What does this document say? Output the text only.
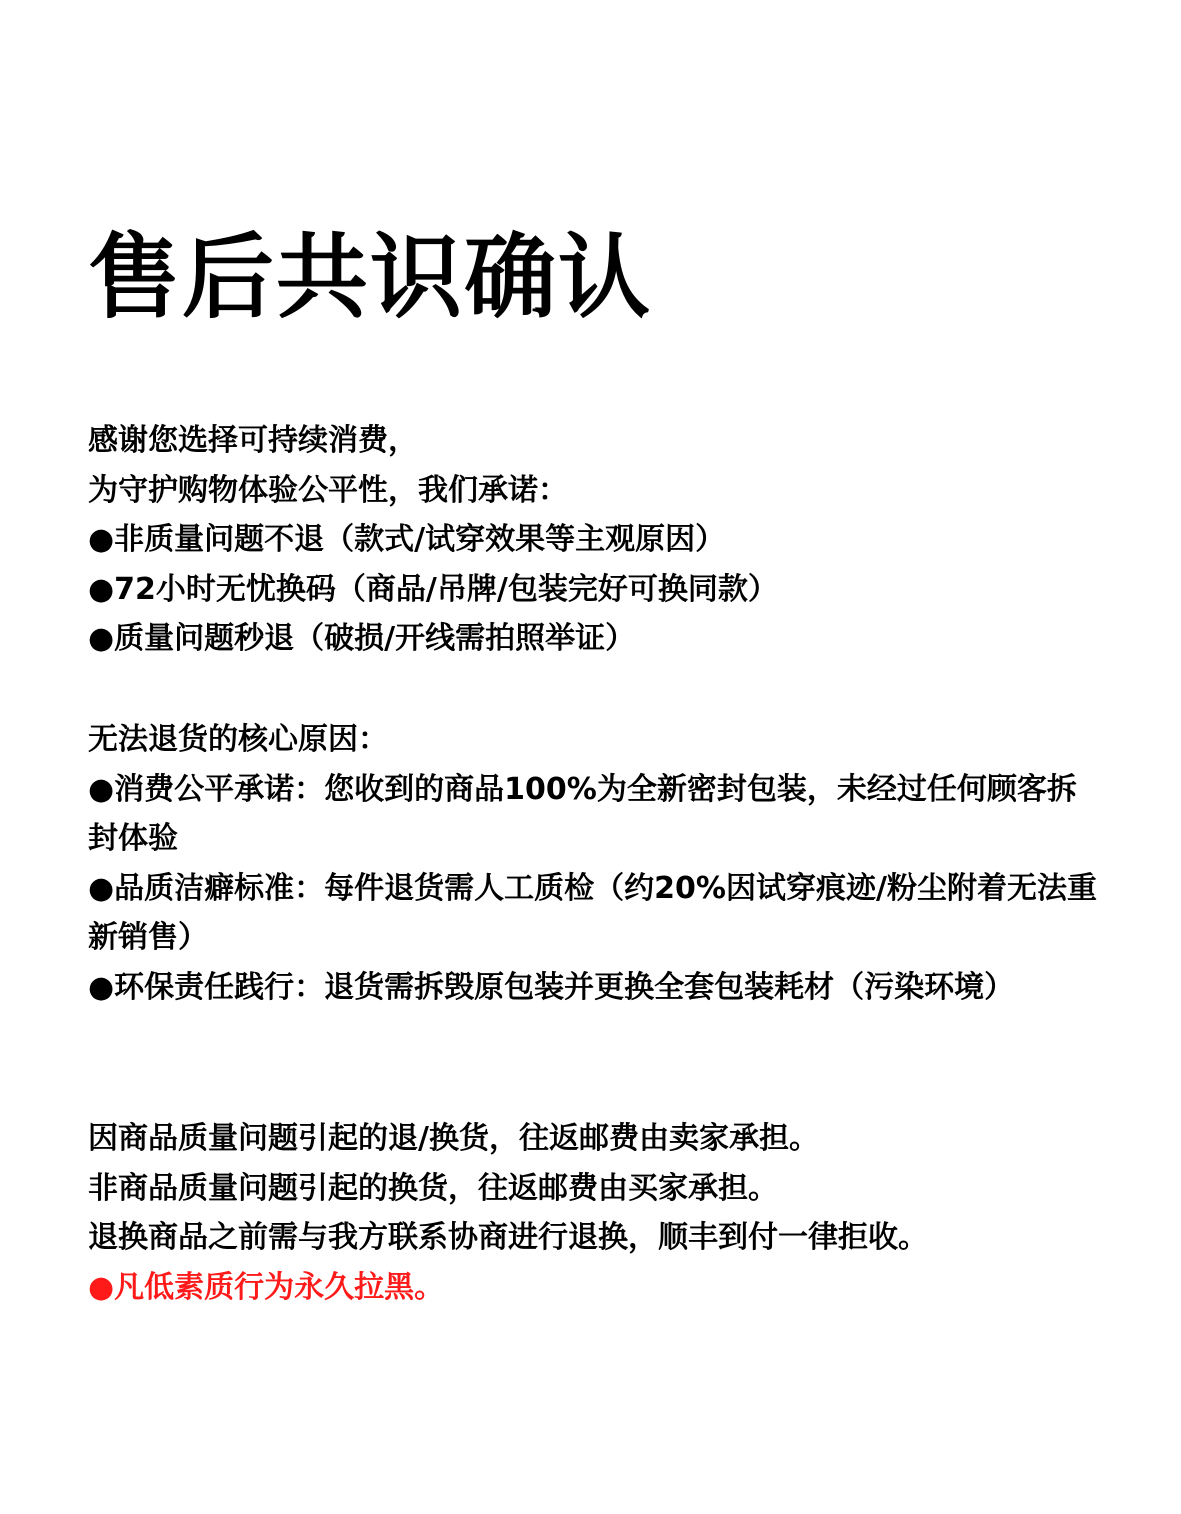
售后共识确认

感谢您选择可持续消费，

为守护购物体验公平性，我们承诺：

●非质量问题不退（款式/试穿效果等主观原因）

●72小时无忧换码（商品/吊牌/包装完好可换同款）

●质量问题秒退（破损/开线需拍照举证）

无法退货的核心原因：

●消费公平承诺：您收到的商品100%为全新密封包装，未经过任何顾客拆封体验

●品质洁癖标准：每件退货需人工质检（约20%因试穿痕迹/粉尘附着无法重新销售）

●环保责任践行：退货需拆毁原包装并更换全套包装耗材（污染环境）

因商品质量问题引起的退/换货，往返邮费由卖家承担。

非商品质量问题引起的换货，往返邮费由买家承担。

退换商品之前需与我方联系协商进行退换，顺丰到付一律拒收。

●凡低素质行为永久拉黑。
